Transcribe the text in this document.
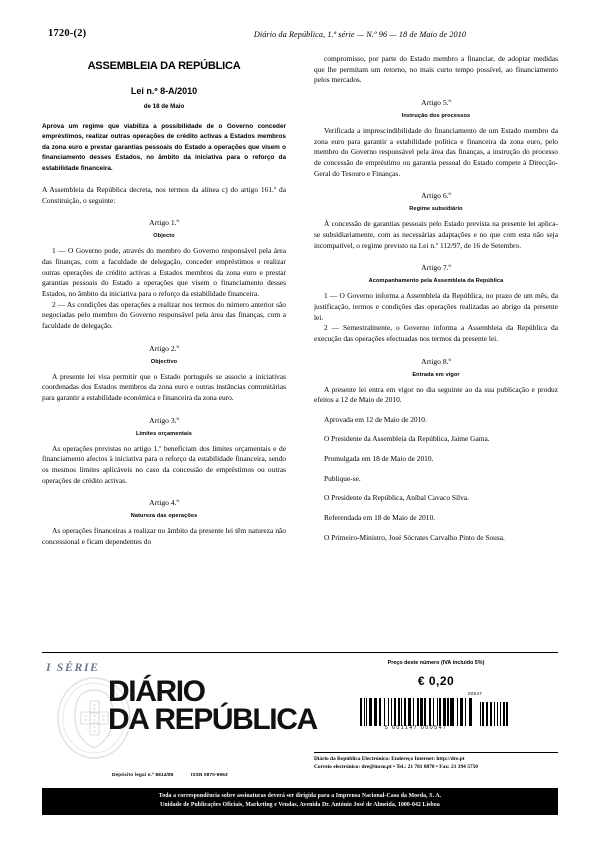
1720-(2)	Diário da República, 1.ª série — N.º 96 — 18 de Maio de 2010
ASSEMBLEIA DA REPÚBLICA
Lei n.º 8-A/2010
de 18 de Maio
Aprova um regime que viabiliza a possibilidade de o Governo conceder empréstimos, realizar outras operações de crédito activas a Estados membros da zona euro e prestar garantias pessoais do Estado a operações que visem o financiamento desses Estados, no âmbito da iniciativa para o reforço da estabilidade financeira.
A Assembleia da República decreta, nos termos da alínea c) do artigo 161.º da Constituição, o seguinte:
Artigo 1.º
Objecto
1 — O Governo pode, através do membro do Governo responsável pela área das finanças, com a faculdade de delegação, conceder empréstimos e realizar outras operações de crédito activas a Estados membros da zona euro e prestar garantias pessoais do Estado a operações que visem o financiamento desses Estados, no âmbito da iniciativa para o reforço da estabilidade financeira.
2 — As condições das operações a realizar nos termos do número anterior são negociadas pelo membro do Governo responsável pela área das finanças, com a faculdade de delegação.
Artigo 2.º
Objectivo
A presente lei visa permitir que o Estado português se associe a iniciativas coordenadas dos Estados membros da zona euro e outras instâncias comunitárias para garantir a estabilidade económica e financeira da zona euro.
Artigo 3.º
Limites orçamentais
As operações previstas no artigo 1.º beneficiam dos limites orçamentais e de financiamento afectos à iniciativa para o reforço da estabilidade financeira, sendo os mesmos limites aplicáveis no caso da concessão de empréstimos ou outras operações de crédito activas.
Artigo 4.º
Natureza das operações
As operações financeiras a realizar no âmbito da presente lei têm natureza não concessional e ficam dependentes do
compromisso, por parte do Estado membro a financiar, de adoptar medidas que lhe permitam um retorno, no mais curto tempo possível, ao financiamento pelos mercados.
Artigo 5.º
Instrução dos processos
Verificada a imprescindibilidade do financiamento de um Estado membro da zona euro para garantir a estabilidade política e financeira da zona euro, pelo membro do Governo responsável pela área das finanças, a instrução do processo de concessão de empréstimo ou garantia pessoal do Estado compete à Direcção-Geral do Tesouro e Finanças.
Artigo 6.º
Regime subsidiário
À concessão de garantias pessoais pelo Estado prevista na presente lei aplica-se subsidiariamente, com as necessárias adaptações e no que com esta não seja incompatível, o regime previsto na Lei n.º 112/97, de 16 de Setembro.
Artigo 7.º
Acompanhamento pela Assembleia da República
1 — O Governo informa a Assembleia da República, no prazo de um mês, da justificação, termos e condições das operações realizadas ao abrigo da presente lei.
2 — Semestralmente, o Governo informa a Assembleia da República da execução das operações efectuadas nos termos da presente lei.
Artigo 8.º
Entrada em vigor
A presente lei entra em vigor no dia seguinte ao da sua publicação e produz efeitos a 12 de Maio de 2010.
Aprovada em 12 de Maio de 2010.
O Presidente da Assembleia da República, Jaime Gama.
Promulgada em 18 de Maio de 2010.
Publique-se.
O Presidente da República, Aníbal Cavaco Silva.
Referendada em 18 de Maio de 2010.
O Primeiro-Ministro, José Sócrates Carvalho Pinto de Sousa.
I SÉRIE
DIÁRIO
DA REPÚBLICA
Depósito legal n.º 8814/85	ISSN 0870-9963
Preço deste número (IVA incluído 5%)
€ 0,20
5 601147 000547
00547
Diário da República Electrónico: Endereço Internet: http://dre.pt
Correio electrónico: dre@incm.pt • Tel.: 21 781 0870 • Fax: 21 394 5750
Toda a correspondência sobre assinaturas deverá ser dirigida para a Imprensa Nacional-Casa da Moeda, S. A.
Unidade de Publicações Oficiais, Marketing e Vendas, Avenida Dr. António José de Almeida, 1000-042 Lisboa
